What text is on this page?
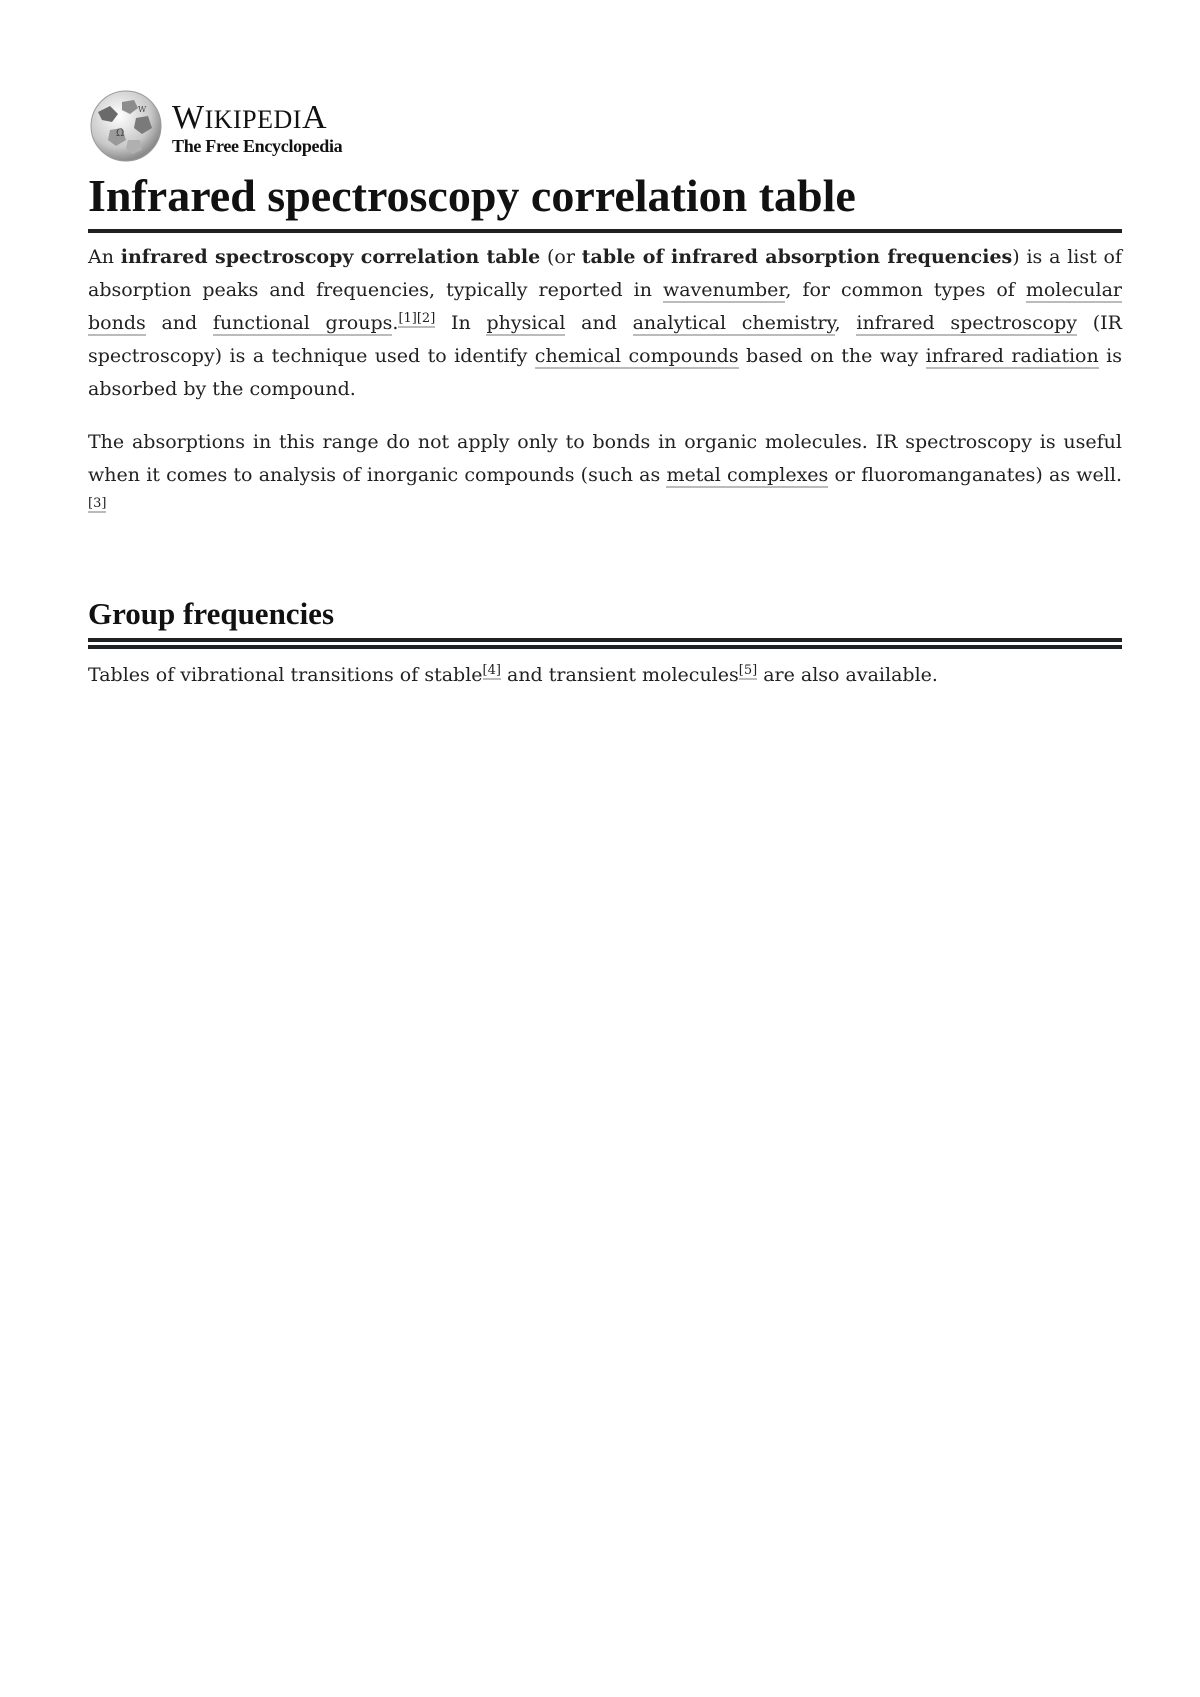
Ω
W WIKIPEDIA
The Free Encyclopedia
Infrared spectroscopy correlation table

An infrared spectroscopy correlation table (or table of infrared absorption frequencies) is a list of absorption peaks and frequencies, typically reported in wavenumber, for common types of molecular bonds and functional groups.[1][2] In physical and analytical chemistry, infrared spectroscopy (IR spectroscopy) is a technique used to identify chemical compounds based on the way infrared radiation is absorbed by the compound.

The absorptions in this range do not apply only to bonds in organic molecules. IR spectroscopy is useful when it comes to analysis of inorganic compounds (such as metal complexes or fluoromanganates) as well.[3]

Group frequencies

Tables of vibrational transitions of stable[4] and transient molecules[5] are also available.
